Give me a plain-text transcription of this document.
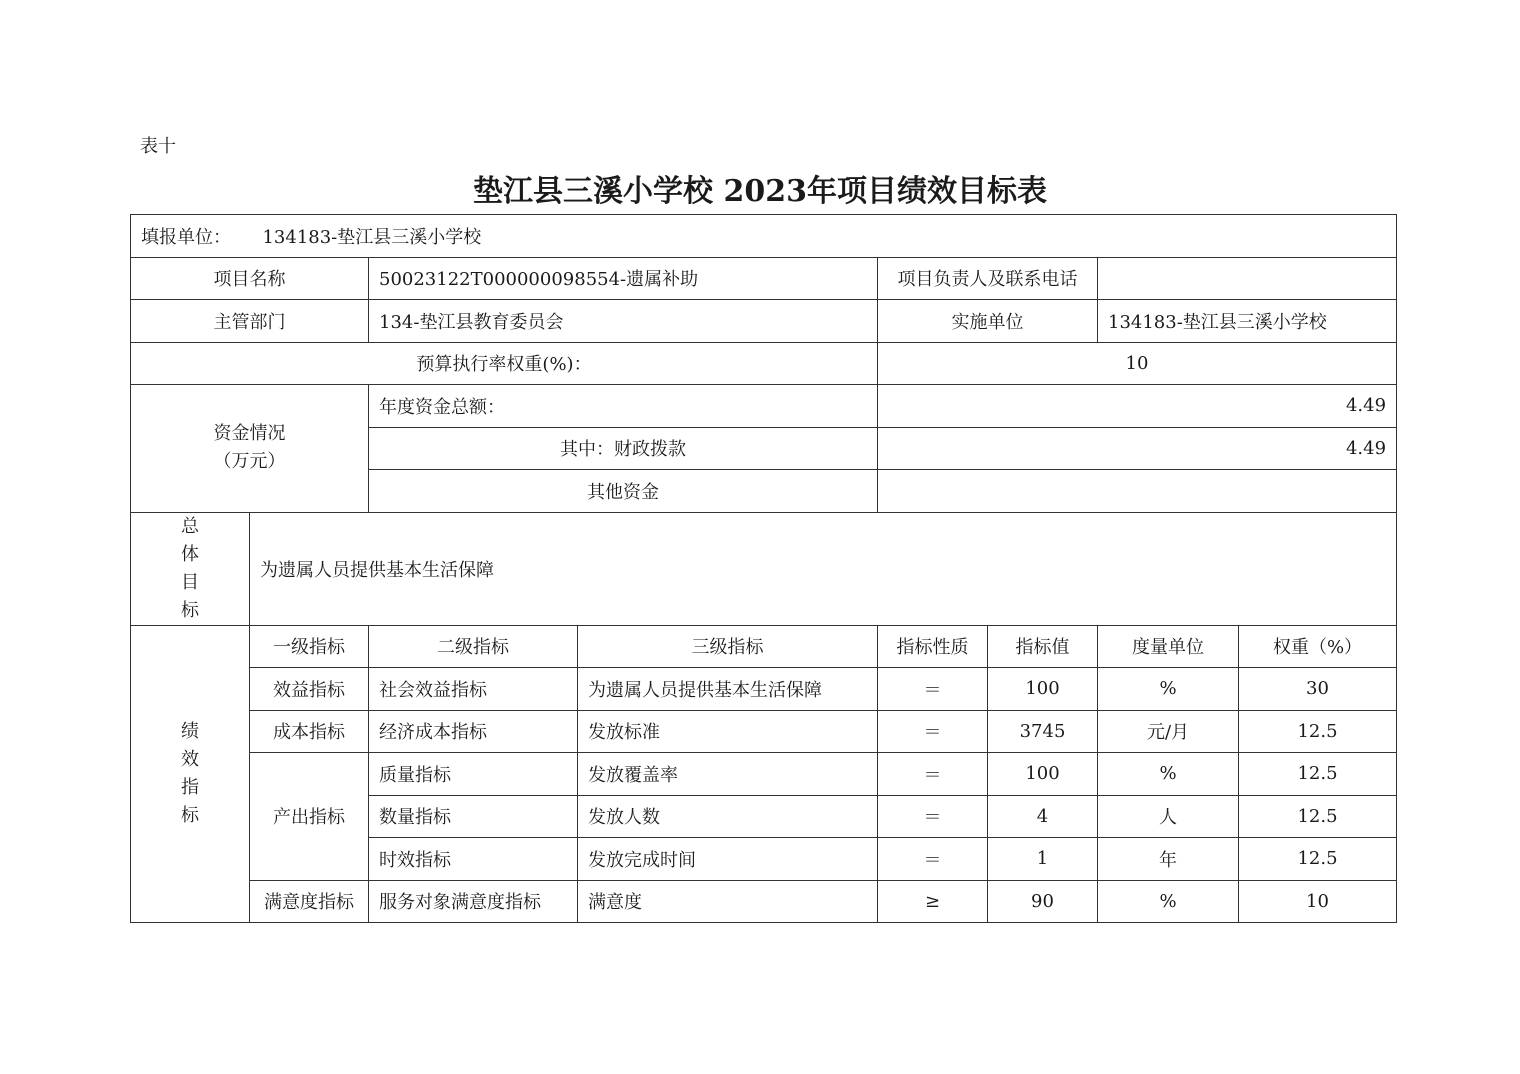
表十
垫江县三溪小学校 2023年项目绩效目标表
填报单位： 134183-垫江县三溪小学校							
项目名称		50023122T000000098554-遗属补助		项目负责人及联系电话			
主管部门		134-垫江县教育委员会		实施单位		134183-垫江县三溪小学校	
预算执行率权重(%)：				10			

资金情况
（万元）		年度资金总额：		4.49			
		其中：财政拨款		4.49			
		其他资金					

总
体
目
标	为遗属人员提供基本生活保障						

绩
效
指
标	一级指标	二级指标	三级指标	指标性质	指标值	度量单位	权重（%）
	效益指标	社会效益指标	为遗属人员提供基本生活保障	＝	100	%	30
	成本指标	经济成本指标	发放标准	＝	3745	元/月	12.5
	产出指标	质量指标	发放覆盖率	＝	100	%	12.5
		数量指标	发放人数	＝	4	人	12.5
		时效指标	发放完成时间	＝	1	年	12.5
	满意度指标	服务对象满意度指标	满意度	≥	90	%	10
